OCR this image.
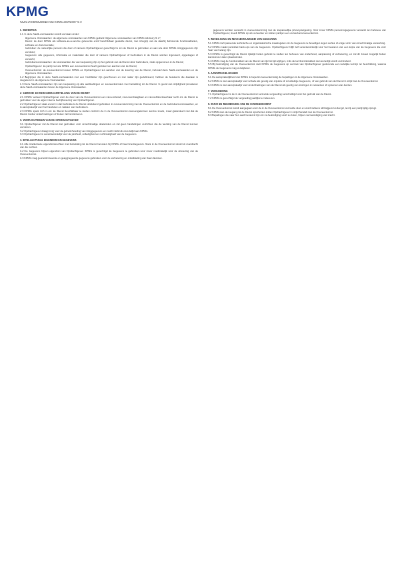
KPMG
SAAS-VOORWAARDEN VAN KPMG ADVISORY N.V.
1. DEFINITIES
1.1 In deze SaaS-voorwaarden wordt verstaan onder:
Algemene Voorwaarden: de algemene voorwaarden van KPMG getiteld 'Algemene voorwaarden van KPMG Advisory N.V.';
Dienst: de door KPMG als software-as-a-service geleverde en/of beschikbaar gestelde dienst, met inbegrip van de daarbij behorende functionaliteiten, software en documentatie;
Gebruiker: de natuurlijke persoon die door of namens Opdrachtgever gerechtigd is om de Dienst te gebruiken en aan wie door KPMG inloggegevens zijn verstrekt;
Gegevens: alle gegevens, informatie en materialen die door of namens Opdrachtgever of Gebruikers in de Dienst worden ingevoerd, opgeslagen of verwerkt;
Gebruikersvoorwaarden: de voorwaarden die van toepassing zijn op het gebruik van de Dienst door Gebruikers, zoals opgenomen in de Dienst;
Opdrachtgever: de partij met wie KPMG een overeenkomst heeft gesloten ten aanzien van de Dienst;
Overeenkomst: de overeenkomst tussen KPMG en Opdrachtgever ten aanzien van de levering van de Dienst, inclusief deze SaaS-voorwaarden en de Algemene Voorwaarden.
1.2 Begrippen die in deze SaaS-voorwaarden met een hoofdletter zijn geschreven en niet nader zijn gedefinieerd, hebben de betekenis die daaraan is toegekend in de Algemene Voorwaarden.
1.3 Deze SaaS-voorwaarden zijn van toepassing op alle aanbiedingen en overeenkomsten met betrekking tot de Dienst. In geval van strijdigheid prevaleren deze SaaS-voorwaarden boven de Algemene Voorwaarden.
2. GEBRUIK EN BESCHIKBAARSTELLING VAN DE DIENST
2.1 KPMG verleent Opdrachtgever voor de duur van de Overeenkomst een niet-exclusief, niet-overdraagbaar en niet-sublicentieerbaar recht om de Dienst te gebruiken voor de eigen interne bedrijfsvoering van Opdrachtgever.
2.2 Opdrachtgever staat ervoor in dat Gebruikers de Dienst uitsluitend gebruiken in overeenstemming met de Overeenkomst en de Gebruikersvoorwaarden, en is aansprakelijk voor het handelen en nalaten van Gebruikers.
2.3 KPMG spant zich in om de Dienst beschikbaar te stellen conform de in de Overeenkomst overeengekomen service levels, maar garandeert niet dat de Dienst zonder onderbrekingen of fouten zal functioneren.
3. VERPLICHTINGEN VAN DE OPDRACHTGEVER
3.1 Opdrachtgever zal de Dienst niet gebruiken voor onrechtmatige doeleinden en zal geen handelingen verrichten die de werking van de Dienst kunnen verstoren.
3.2 Opdrachtgever draagt zorg voor de geheimhouding van inloggegevens en meldt misbruik onverwijld aan KPMG.
3.3 Opdrachtgever is verantwoordelijk voor de juistheid, volledigheid en rechtmatigheid van de Gegevens.
4. INTELLECTUELE EIGENDOM EN GEGEVENS
4.1 Alle intellectuele eigendomsrechten met betrekking tot de Dienst berusten bij KPMG of haar licentiegevers. Niets in de Overeenkomst strekt tot overdracht van die rechten.
4.2 De Gegevens blijven eigendom van Opdrachtgever. KPMG is gerechtigd de Gegevens te gebruiken voor zover noodzakelijk voor de uitvoering van de Overeenkomst.
4.3 KPMG mag geanonimiseerde en geaggregeerde gegevens gebruiken voor de verbetering en ontwikkeling van haar diensten.
gegevens worden verwerkt in overeenstemming met de toepasselijke privacywetgeving. Voor zover KPMG persoonsgegevens verwerkt ten behoeve van Opdrachtgever, treedt KPMG op als verwerker en sluiten partijen een verwerkersovereenkomst.
5. BEVEILIGING EN BESCHIKBAARHEID VAN GEGEVENS
5.1 KPMG treft passende technische en organisatorische maatregelen om de Gegevens te beveiligen tegen verlies of enige vorm van onrechtmatige verwerking.
5.2 KPMG maakt periodiek back-ups van de Gegevens. Opdrachtgever blijft zelf verantwoordelijk voor het bewaren van een kopie van de Gegevens die voor haar van belang zijn.
5.3 KPMG is gerechtigd de Dienst tijdelijk buiten gebruik te stellen ten behoeve van onderhoud, aanpassing of verbetering, en zal dit zoveel mogelijk buiten kantooruren laten plaatsvinden.
5.4 KPMG mag de functionaliteit van de Dienst van tijd tot tijd wijzigen, mits de kernfunctionaliteit niet wezenlijk wordt verminderd.
5.5 Bij beëindiging van de Overeenkomst stelt KPMG de Gegevens op verzoek van Opdrachtgever gedurende een redelijke termijn ter beschikking, waarna KPMG de Gegevens mag verwijderen.
6. AANSPRAKELIJKHEID
6.1 De aansprakelijkheid van KPMG is beperkt overeenkomstig de bepalingen in de Algemene Voorwaarden.
6.2 KPMG is niet aansprakelijk voor schade als gevolg van onjuiste of onvolledige Gegevens, of van gebruik van de Dienst in strijd met de Overeenkomst.
6.3 KPMG is niet aansprakelijk voor onderbrekingen van de Dienst als gevolg van storingen in netwerken of systemen van derden.
7. VERGOEDING
7.1 Opdrachtgever is de in de Overeenkomst vermelde vergoeding verschuldigd voor het gebruik van de Dienst.
7.2 KPMG is gerechtigd de vergoeding jaarlijks te indexeren.
8. DUUR EN BEËINDIGING VAN DE OVEREENKOMST
8.1 De Overeenkomst wordt aangegaan voor de in de Overeenkomst vermelde duur en wordt telkens stilzwijgend verlengd, tenzij een partij tijdig opzegt.
8.2 KPMG kan de toegang tot de Dienst opschorten indien Opdrachtgever in strijd handelt met de Overeenkomst.
8.3 Bepalingen die naar hun aard bestemd zijn om na beëindiging voort te duren, blijven na beëindiging van kracht.
